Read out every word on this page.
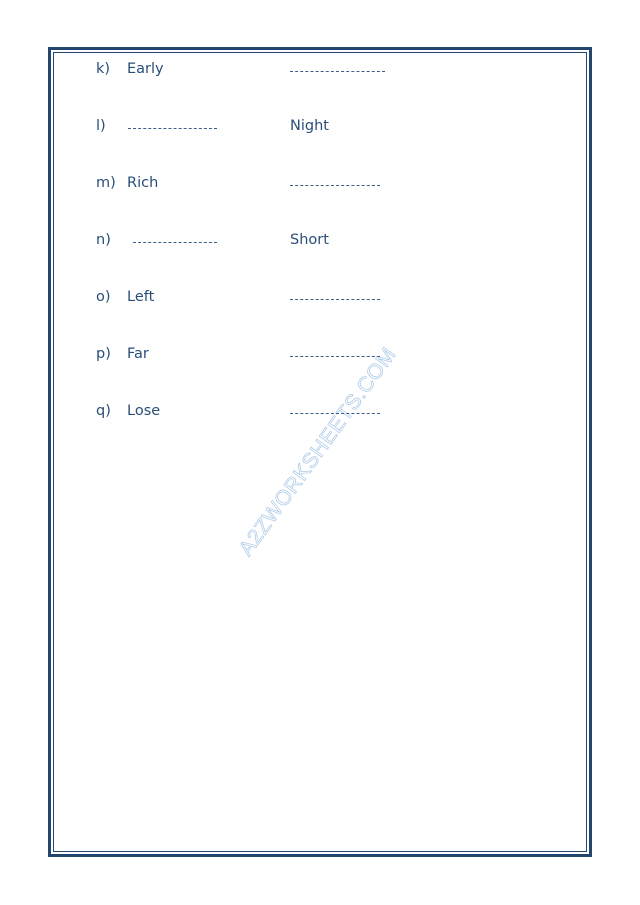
A2ZWORKSHEETS.COM
k) Early
l)	Night
m) Rich
n)	Short
o) Left
p) Far
q) Lose
